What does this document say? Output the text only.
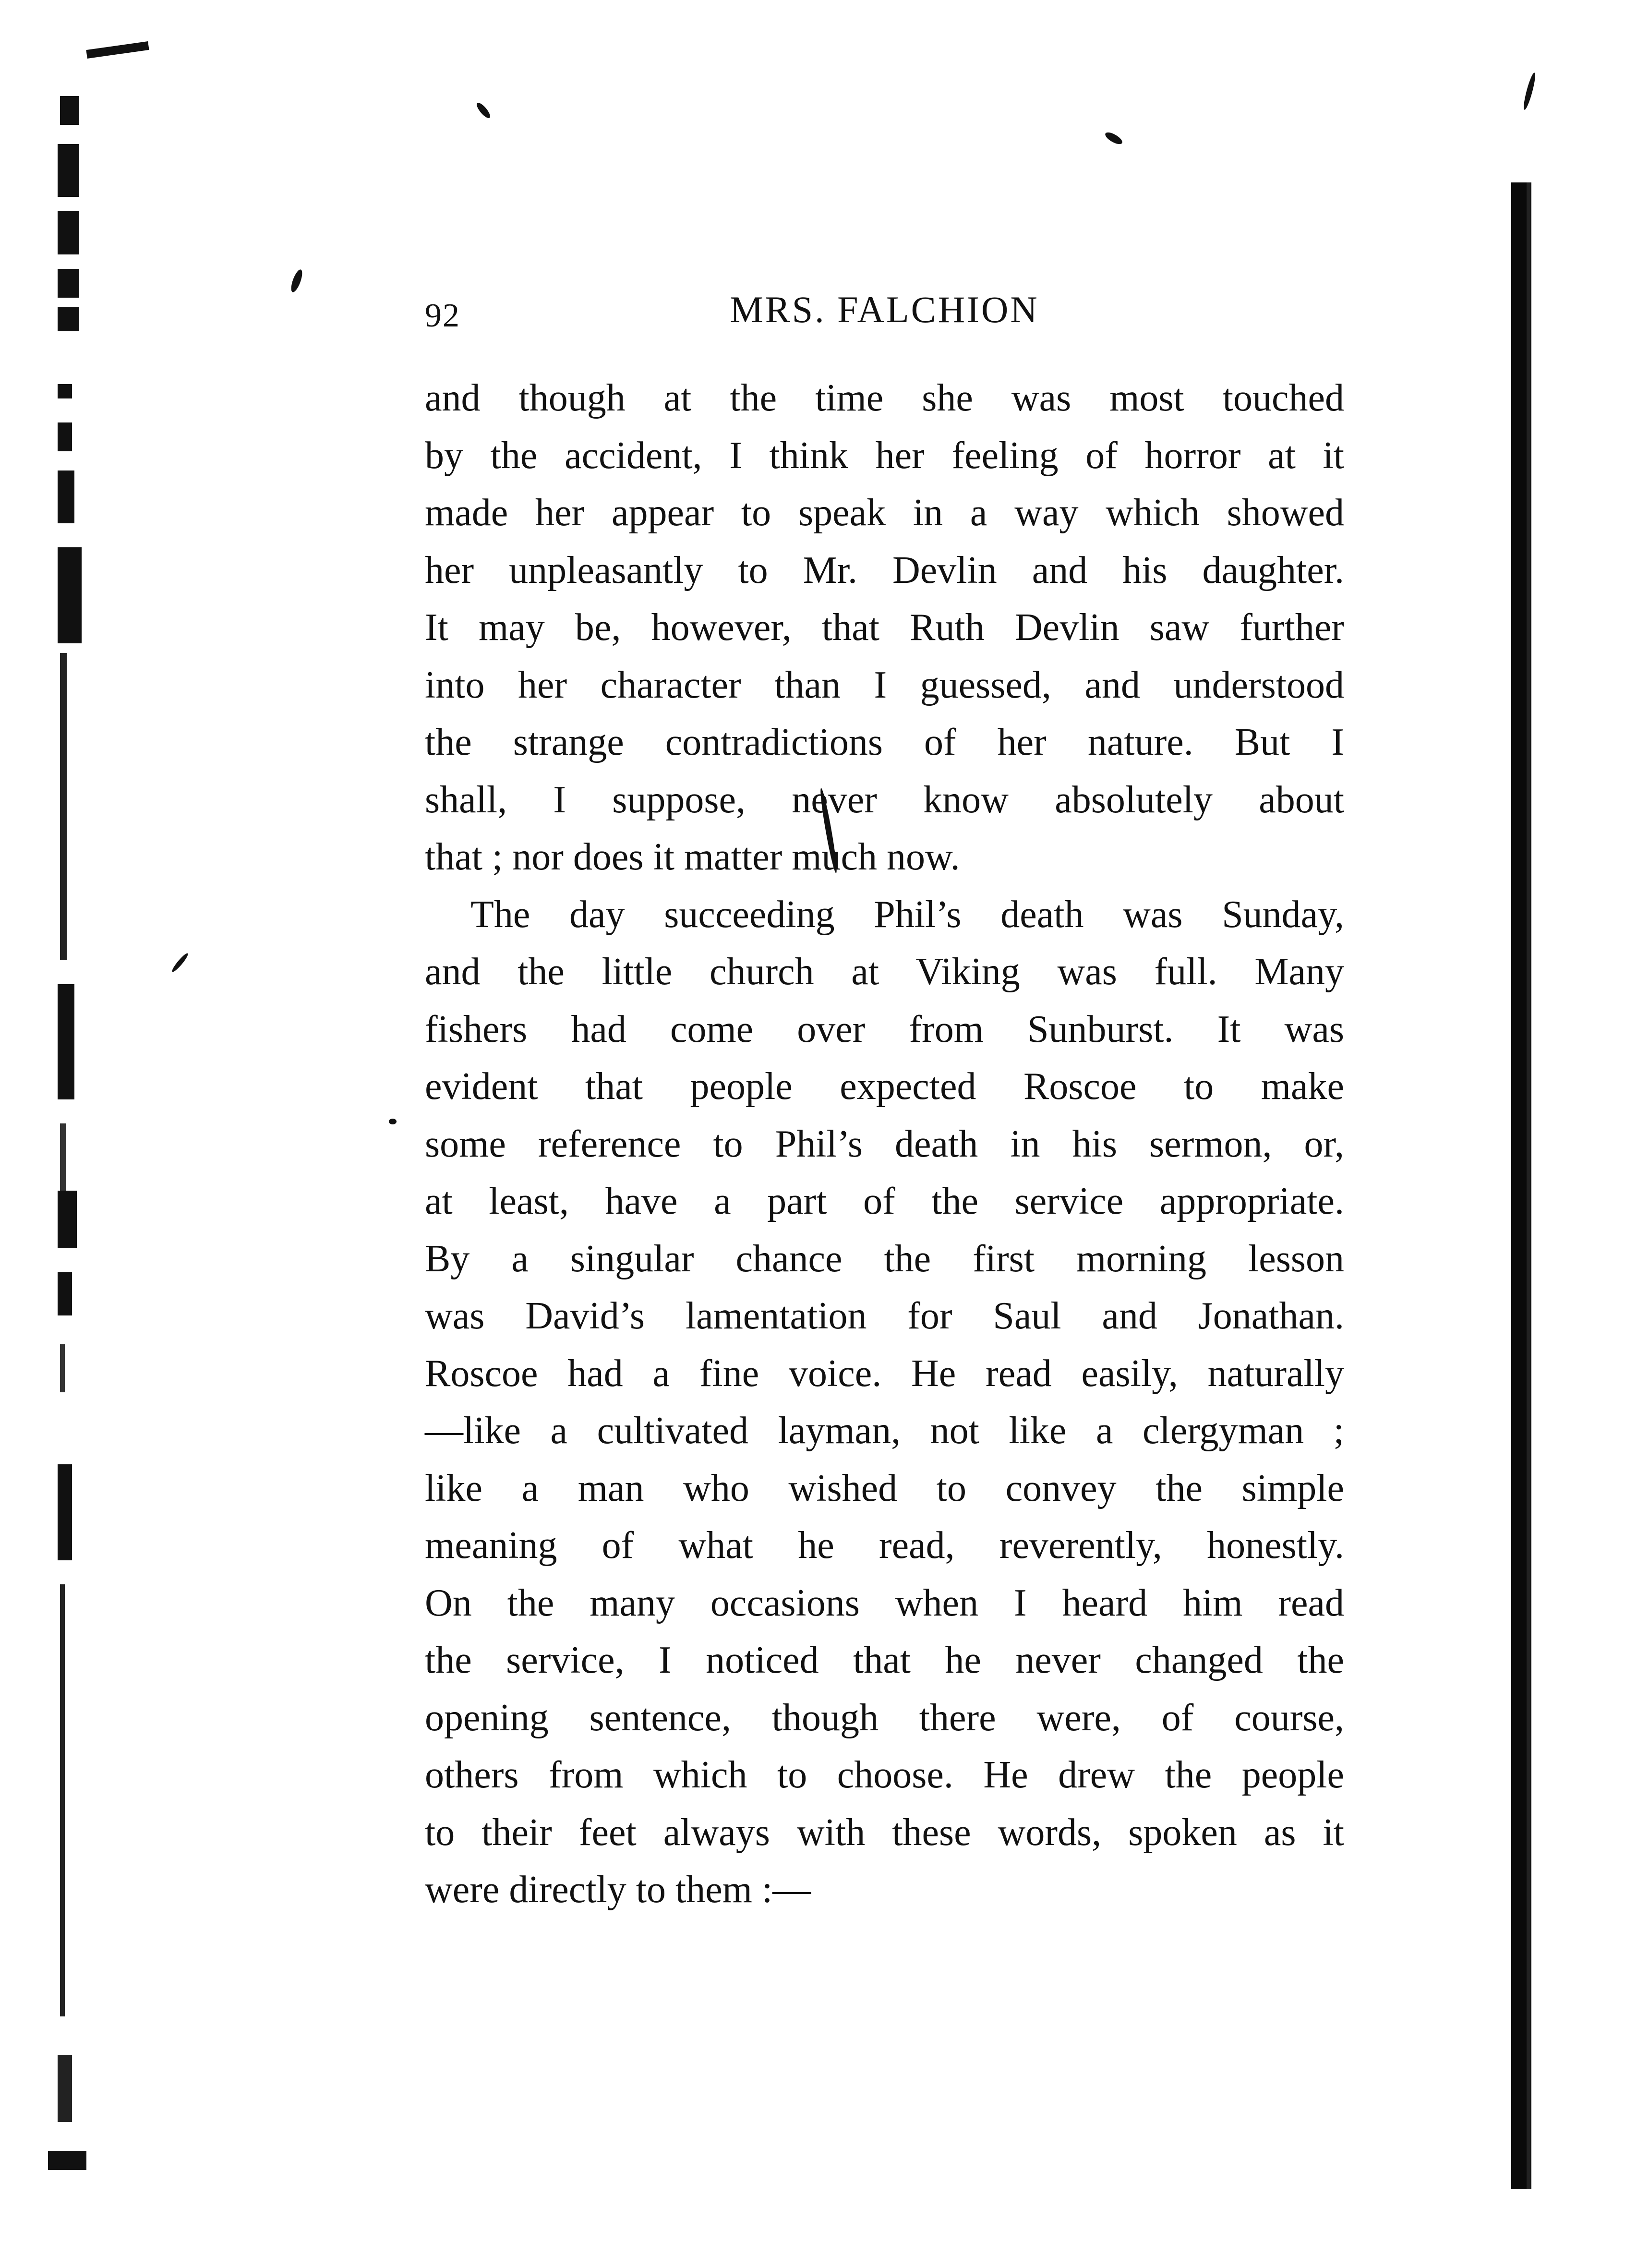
92	MRS. FALCHION
and though at the time she was most touched
by the accident, I think her feeling of horror at it
made her appear to speak in a way which showed
her unpleasantly to Mr. Devlin and his daughter.
It may be, however, that Ruth Devlin saw further
into her character than I guessed, and understood
the strange contradictions of her nature. But I
shall, I suppose, never know absolutely about
that ; nor does it matter much now.
The day succeeding Phil’s death was Sunday,
and the little church at Viking was full. Many
fishers had come over from Sunburst. It was
evident that people expected Roscoe to make
some reference to Phil’s death in his sermon, or,
at least, have a part of the service appropriate.
By a singular chance the first morning lesson
was David’s lamentation for Saul and Jonathan.
Roscoe had a fine voice. He read easily, naturally
—like a cultivated layman, not like a clergyman ;
like a man who wished to convey the simple
meaning of what he read, reverently, honestly.
On the many occasions when I heard him read
the service, I noticed that he never changed the
opening sentence, though there were, of course,
others from which to choose. He drew the people
to their feet always with these words, spoken as it
were directly to them :—
